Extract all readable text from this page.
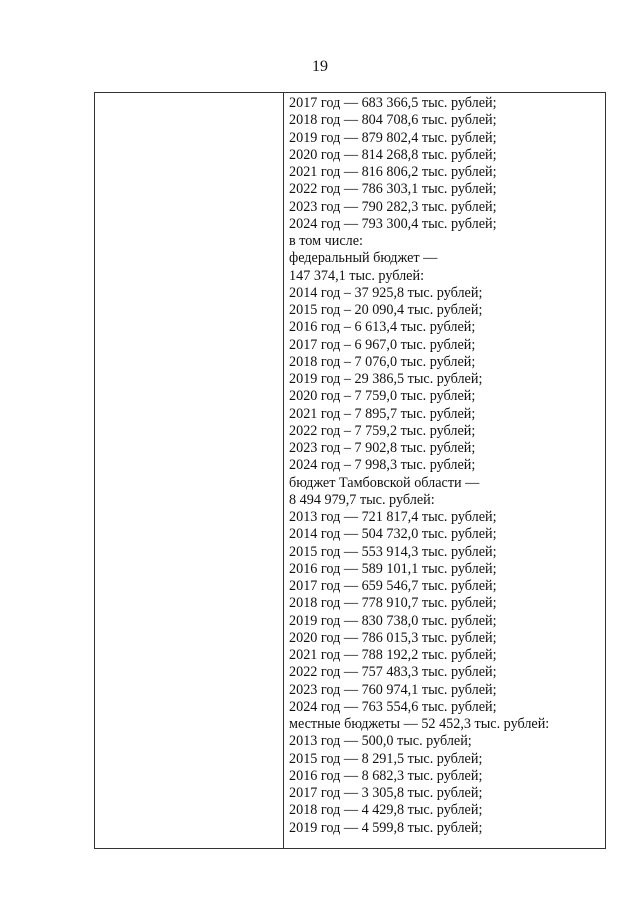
19
2017 год — 683 366,5 тыс. рублей;
2018 год — 804 708,6 тыс. рублей;
2019 год — 879 802,4 тыс. рублей;
2020 год — 814 268,8 тыс. рублей;
2021 год — 816 806,2 тыс. рублей;
2022 год — 786 303,1 тыс. рублей;
2023 год — 790 282,3 тыс. рублей;
2024 год — 793 300,4 тыс. рублей;
в том числе:
федеральный бюджет —
147 374,1 тыс. рублей:
2014 год – 37 925,8 тыс. рублей;
2015 год – 20 090,4 тыс. рублей;
2016 год – 6 613,4 тыс. рублей;
2017 год – 6 967,0 тыс. рублей;
2018 год – 7 076,0 тыс. рублей;
2019 год – 29 386,5 тыс. рублей;
2020 год – 7 759,0 тыс. рублей;
2021 год – 7 895,7 тыс. рублей;
2022 год – 7 759,2 тыс. рублей;
2023 год – 7 902,8 тыс. рублей;
2024 год – 7 998,3 тыс. рублей;
бюджет Тамбовской области —
8 494 979,7 тыс. рублей:
2013 год — 721 817,4 тыс. рублей;
2014 год — 504 732,0 тыс. рублей;
2015 год — 553 914,3 тыс. рублей;
2016 год — 589 101,1 тыс. рублей;
2017 год — 659 546,7 тыс. рублей;
2018 год — 778 910,7 тыс. рублей;
2019 год — 830 738,0 тыс. рублей;
2020 год — 786 015,3 тыс. рублей;
2021 год — 788 192,2 тыс. рублей;
2022 год — 757 483,3 тыс. рублей;
2023 год — 760 974,1 тыс. рублей;
2024 год — 763 554,6 тыс. рублей;
местные бюджеты — 52 452,3 тыс. рублей:
2013 год — 500,0 тыс. рублей;
2015 год — 8 291,5 тыс. рублей;
2016 год — 8 682,3 тыс. рублей;
2017 год — 3 305,8 тыс. рублей;
2018 год — 4 429,8 тыс. рублей;
2019 год — 4 599,8 тыс. рублей;
